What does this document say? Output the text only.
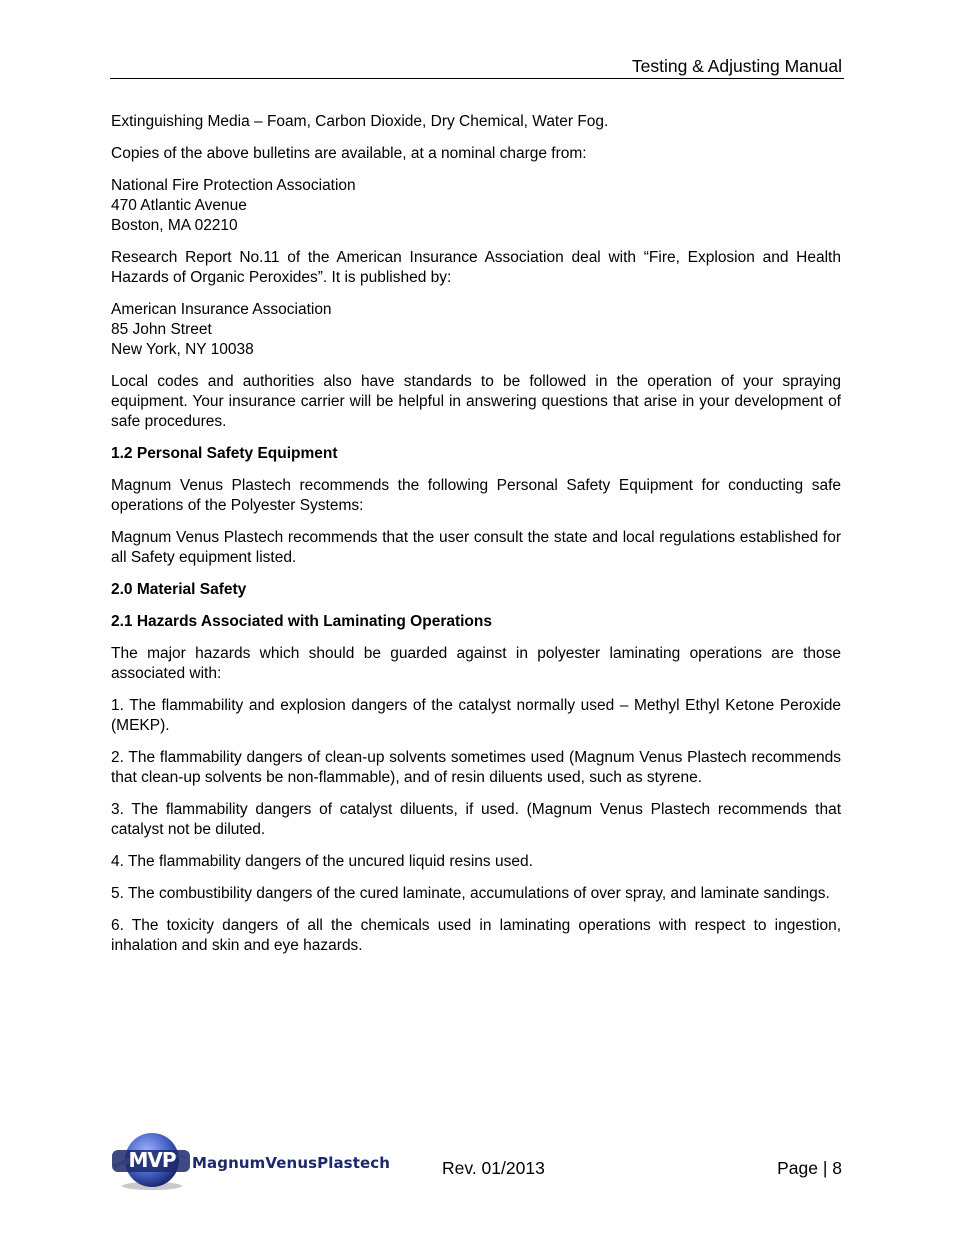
Testing & Adjusting Manual

Extinguishing Media – Foam, Carbon Dioxide, Dry Chemical, Water Fog.

Copies of the above bulletins are available, at a nominal charge from:

National Fire Protection Association
470 Atlantic Avenue
Boston, MA 02210

Research Report No.11 of the American Insurance Association deal with “Fire, Explosion and Health Hazards of Organic Peroxides”. It is published by:

American Insurance Association
85 John Street
New York, NY 10038

Local codes and authorities also have standards to be followed in the operation of your spraying equipment. Your insurance carrier will be helpful in answering questions that arise in your development of safe procedures.

1.2 Personal Safety Equipment

Magnum Venus Plastech recommends the following Personal Safety Equipment for conducting safe operations of the Polyester Systems:

Magnum Venus Plastech recommends that the user consult the state and local regulations established for all Safety equipment listed.

2.0 Material Safety
2.1 Hazards Associated with Laminating Operations

The major hazards which should be guarded against in polyester laminating operations are those associated with:

1. The flammability and explosion dangers of the catalyst normally used – Methyl Ethyl Ketone Peroxide (MEKP).

2. The flammability dangers of clean-up solvents sometimes used (Magnum Venus Plastech recommends that clean-up solvents be non-flammable), and of resin diluents used, such as styrene.

3. The flammability dangers of catalyst diluents, if used. (Magnum Venus Plastech recommends that catalyst not be diluted.

4. The flammability dangers of the uncured liquid resins used.

5. The combustibility dangers of the cured laminate, accumulations of over spray, and laminate sandings.

6. The toxicity dangers of all the chemicals used in laminating operations with respect to ingestion, inhalation and skin and eye hazards.

MVP MagnumVenusPlastech	Rev. 01/2013	Page | 8
